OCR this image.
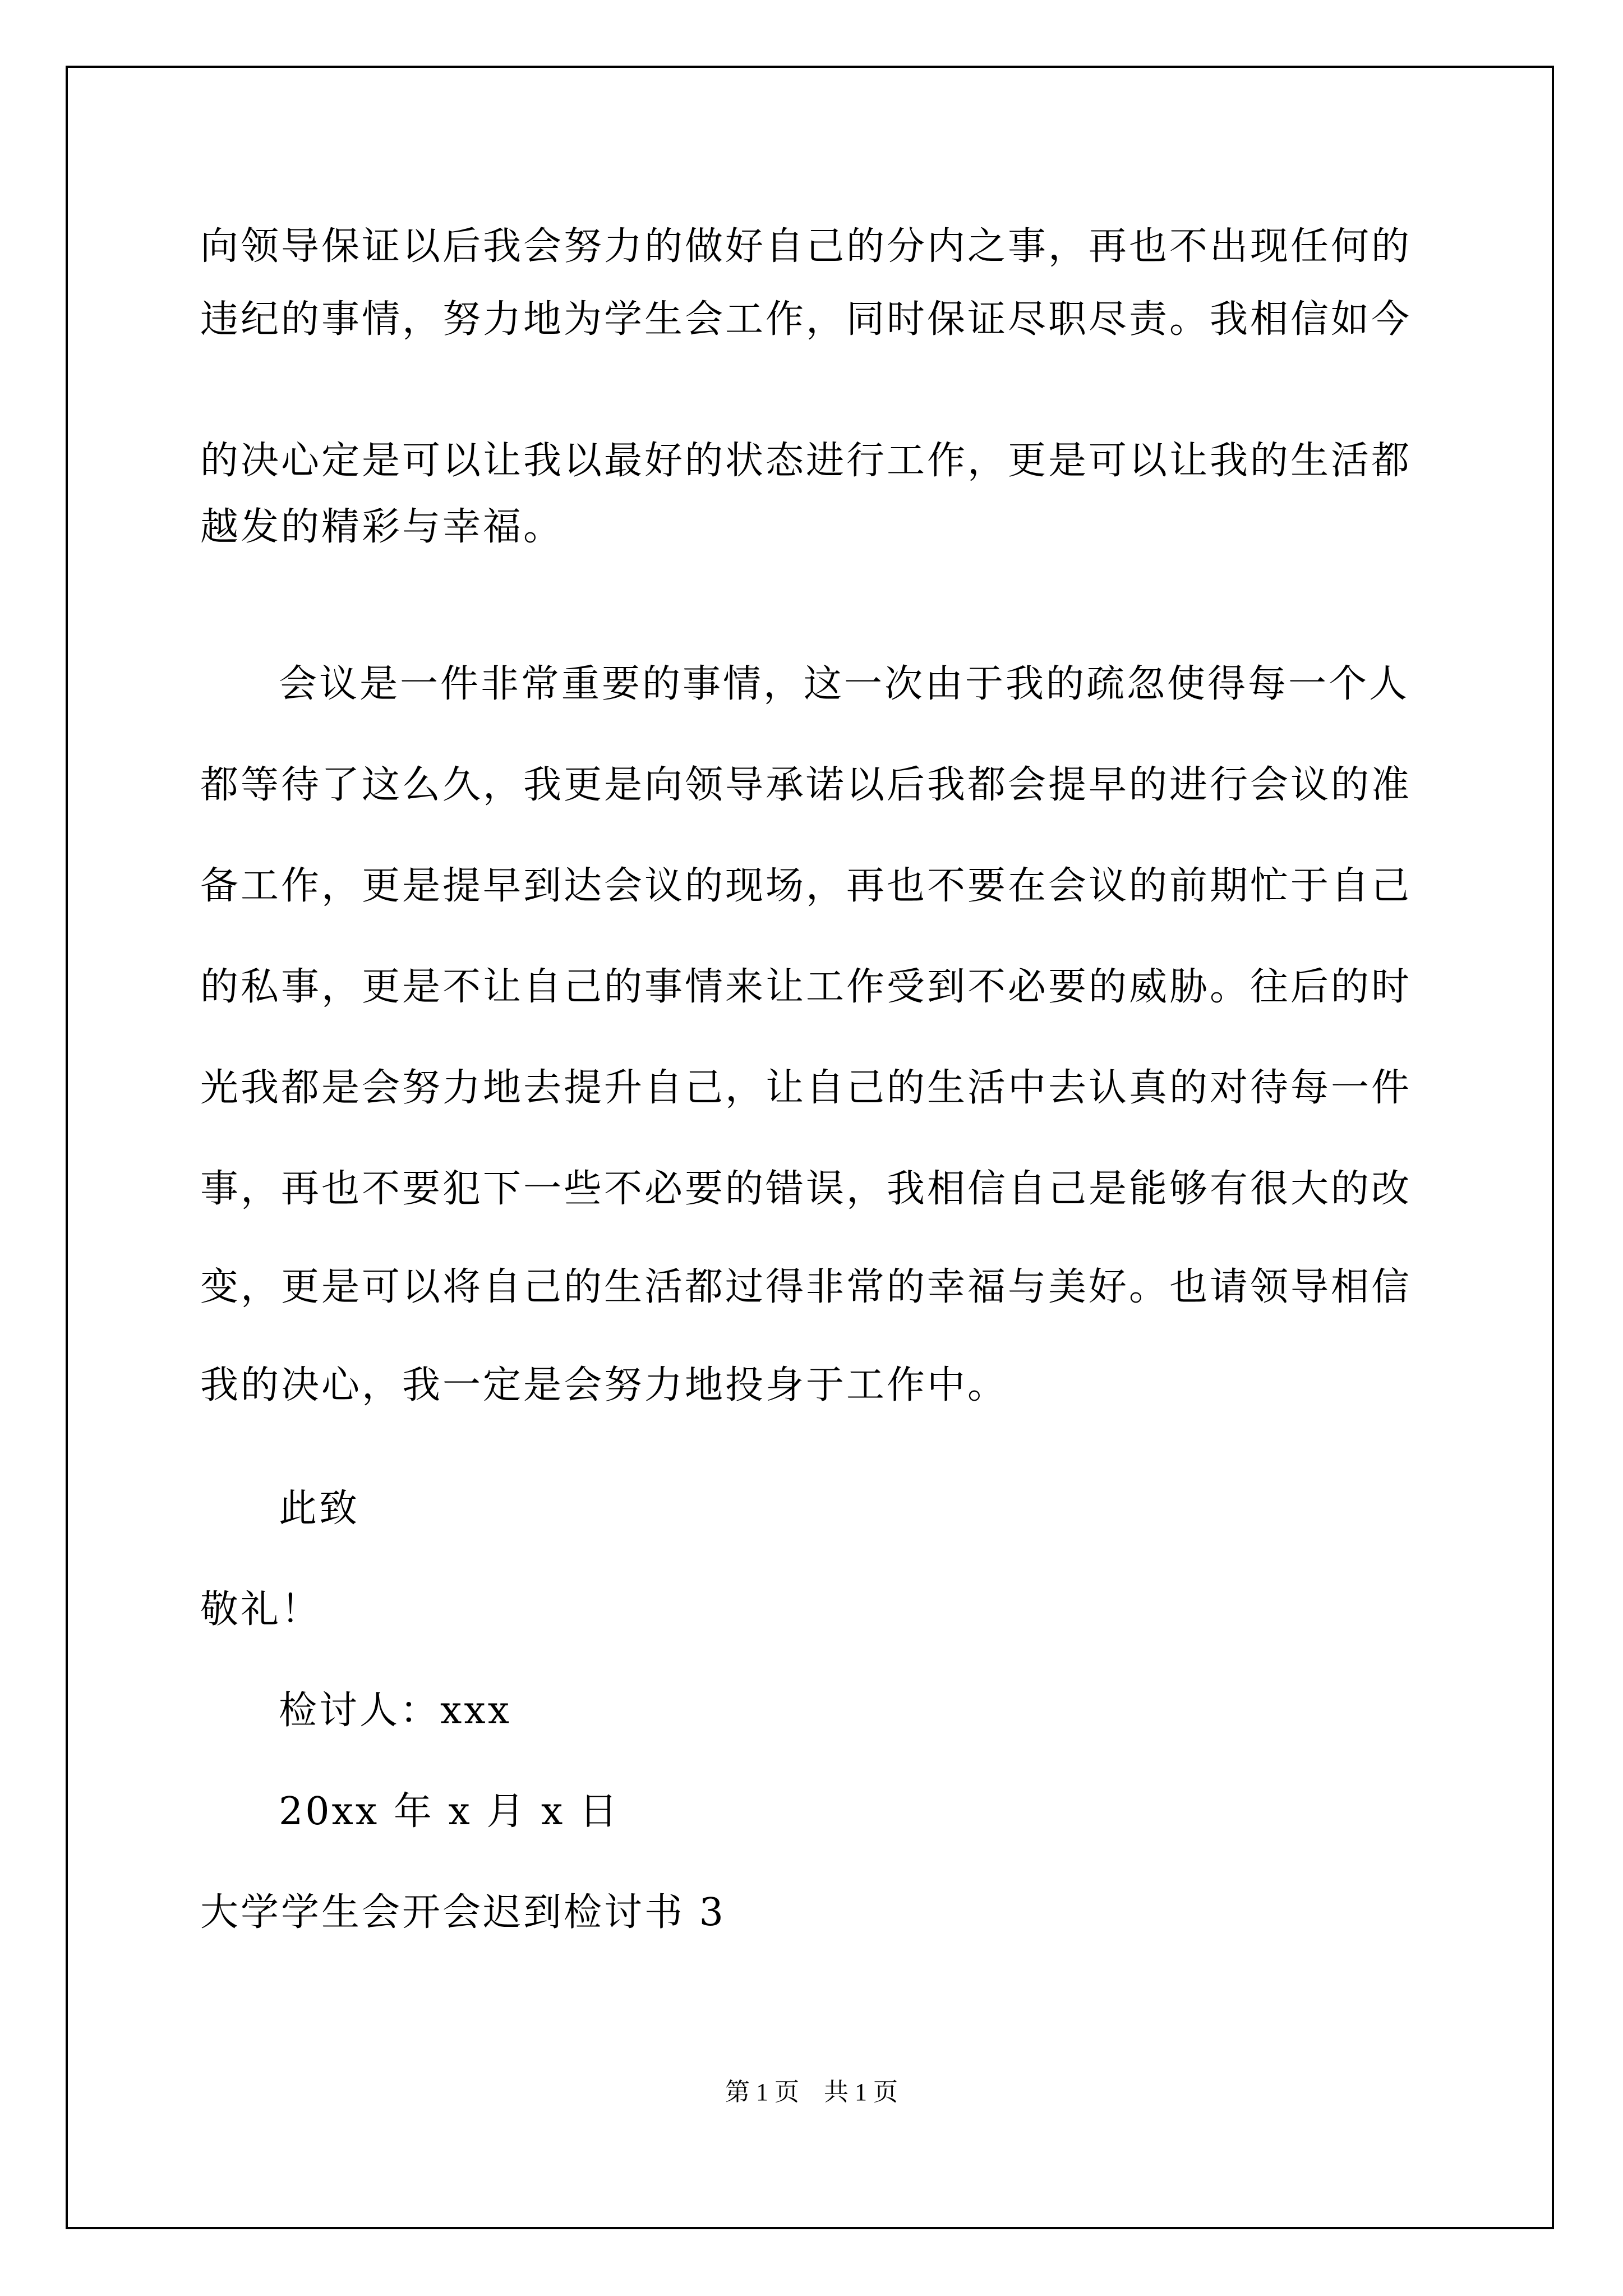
向领导保证以后我会努力的做好自己的分内之事，再也不出现任何的
违纪的事情，努力地为学生会工作，同时保证尽职尽责。我相信如今
的决心定是可以让我以最好的状态进行工作，更是可以让我的生活都
越发的精彩与幸福。
会议是一件非常重要的事情，这一次由于我的疏忽使得每一个人
都等待了这么久，我更是向领导承诺以后我都会提早的进行会议的准
备工作，更是提早到达会议的现场，再也不要在会议的前期忙于自己
的私事，更是不让自己的事情来让工作受到不必要的威胁。往后的时
光我都是会努力地去提升自己，让自己的生活中去认真的对待每一件
事，再也不要犯下一些不必要的错误，我相信自己是能够有很大的改
变，更是可以将自己的生活都过得非常的幸福与美好。也请领导相信
我的决心，我一定是会努力地投身于工作中。
此致
敬礼！
检讨人：xxx
20xx 年 x 月 x 日
大学学生会开会迟到检讨书 3
第 1 页　共 1 页
